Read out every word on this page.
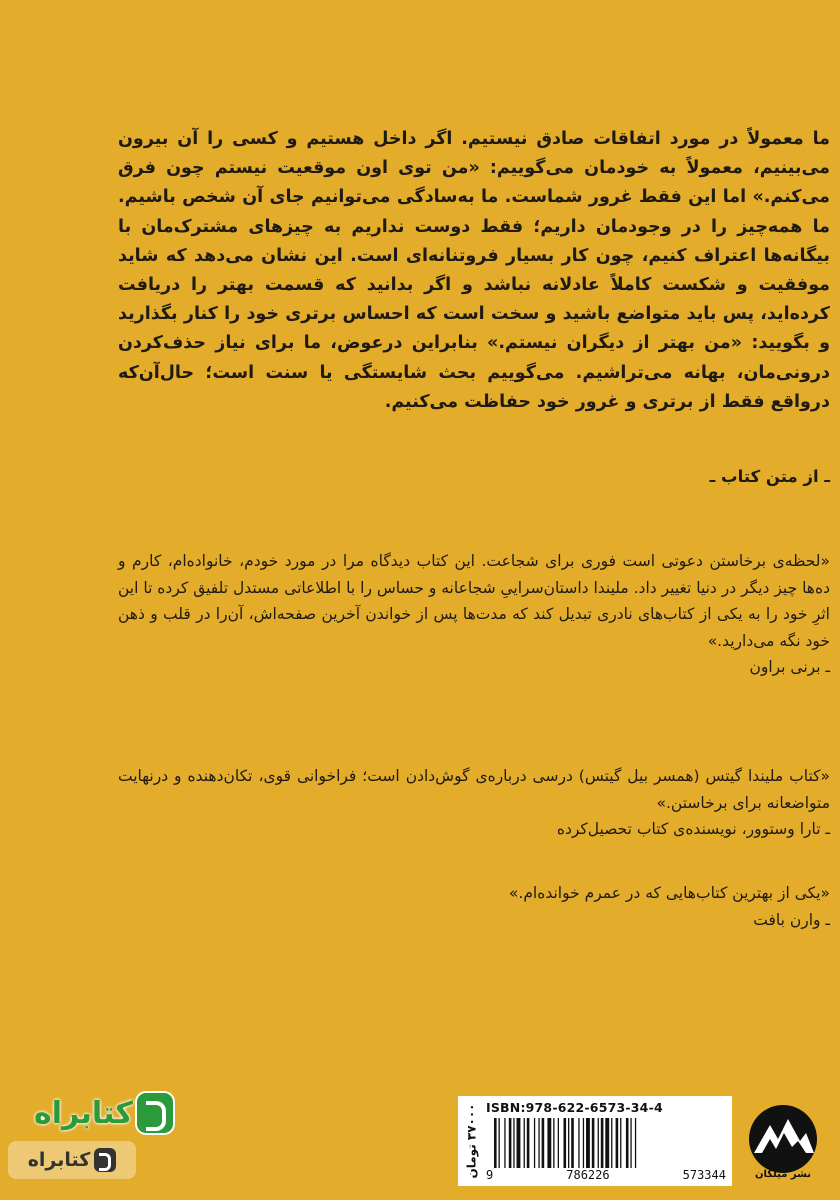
ما معمولاً در مورد اتفاقات صادق نیستیم. اگر داخل هستیم و کسی را آن بیرون می‌بینیم، معمولاً به خودمان می‌گوییم: «من توی اون موقعیت نیستم چون فرق می‌کنم.» اما این فقط غرور شماست. ما به‌سادگی می‌توانیم جای آن شخص باشیم. ما همه‌چیز را در وجودمان داریم؛ فقط دوست نداریم به چیزهای مشترک‌مان با بیگانه‌ها اعتراف کنیم، چون کار بسیار فروتنانه‌ای است. این نشان می‌دهد که شاید موفقیت و شکست کاملاً عادلانه نباشد و اگر بدانید که قسمت بهتر را دریافت کرده‌اید، پس باید متواضع باشید و سخت است که احساس برتری خود را کنار بگذارید و بگویید: «من بهتر از دیگران نیستم.» بنابراین درعوض، ما برای نیاز حذف‌کردن درونی‌مان، بهانه می‌تراشیم. می‌گوییم بحث شایستگی یا سنت است؛ حال‌آن‌که درواقع فقط از برتری و غرور خود حفاظت می‌کنیم.
ـ از متن کتاب ـ

«لحظه‌ی برخاستن دعوتی است فوری برای شجاعت. این کتاب دیدگاه مرا در مورد خودم، خانواده‌ام، کارم و ده‌ها چیز دیگر در دنیا تغییر داد. ملیندا داستان‌سراییِ شجاعانه و حساس را با اطلاعاتی مستدل تلفیق کرده تا این اثرِ خود را به یکی از کتاب‌های نادری تبدیل کند که مدت‌ها پس از خواندن آخرین صفحه‌اش، آن‌را در قلب و ذهن خود نگه می‌دارید.»

ـ برنی براون

«کتاب ملیندا گیتس (همسر بیل گیتس) درسی درباره‌ی گوش‌دادن است؛ فراخوانی قوی، تکان‌دهنده و درنهایت متواضعانه برای برخاستن.»

ـ تارا وستوور، نویسنده‌ی کتاب تحصیل‌کرده

«یکی از بهترین کتاب‌هایی که در عمرم خوانده‌ام.»

ـ وارن بافت

کتابراه
کتابراه	۳۷۰۰۰ تومان ISBN:978-622-6573-34-4
9	786226	573344	نشر میلکان
